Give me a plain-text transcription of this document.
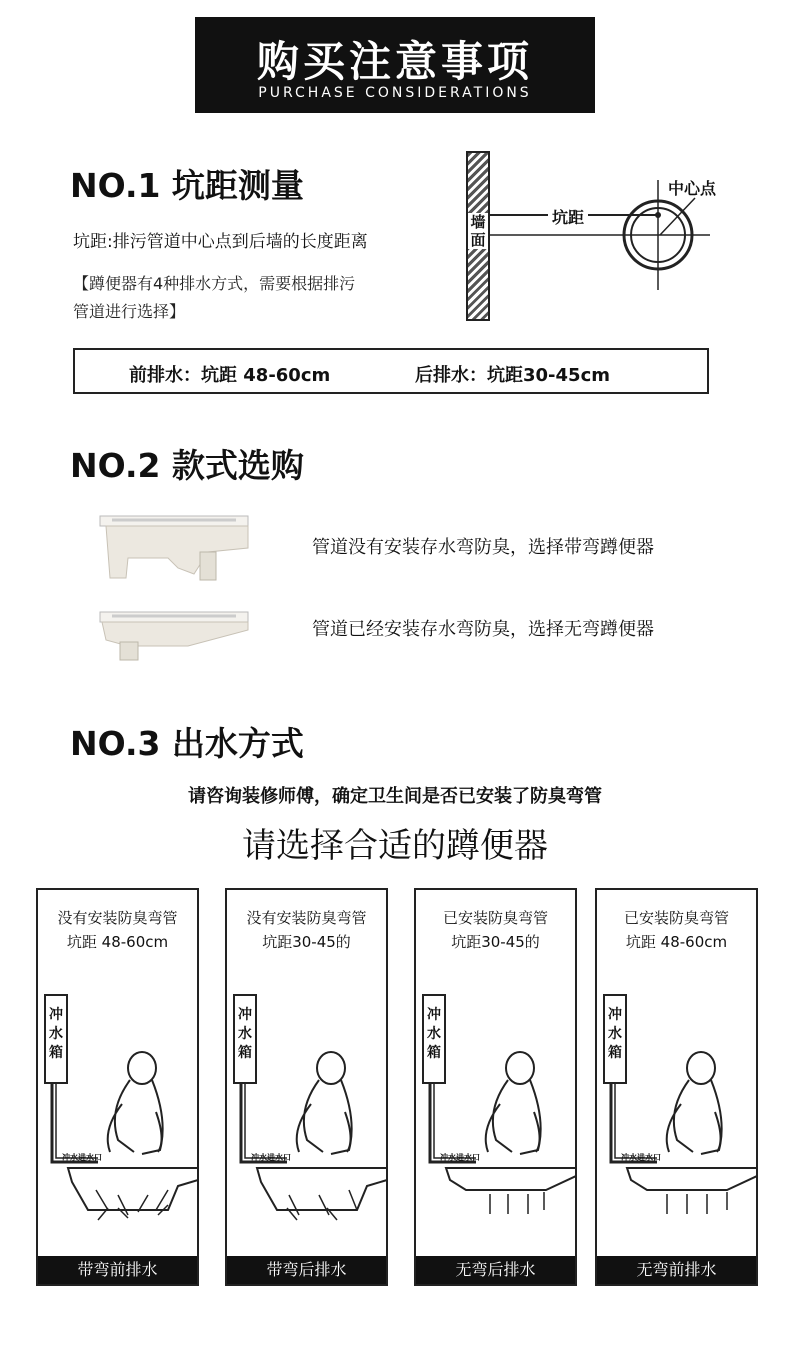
购买注意事项
PURCHASE CONSIDERATIONS
NO.1 坑距测量
坑距:排污管道中心点到后墙的长度距离
【蹲便器有4种排水方式，需要根据排污
管道进行选择】
墙面
坑距
中心点
前排水：坑距 48-60cm	后排水：坑距30-45cm
NO.2 款式选购
管道没有安装存水弯防臭，选择带弯蹲便器
管道已经安装存水弯防臭，选择无弯蹲便器
NO.3 出水方式
请咨询装修师傅，确定卫生间是否已安装了防臭弯管
请选择合适的蹲便器
没有安装防臭弯管
坑距 48-60cm
冲水箱
冲水进水口
带弯前排水
没有安装防臭弯管
坑距30-45的
冲水箱
冲水进水口
带弯后排水
已安装防臭弯管
坑距30-45的
冲水箱
冲水进水口
无弯后排水
已安装防臭弯管
坑距 48-60cm
冲水箱
冲水进水口
无弯前排水
